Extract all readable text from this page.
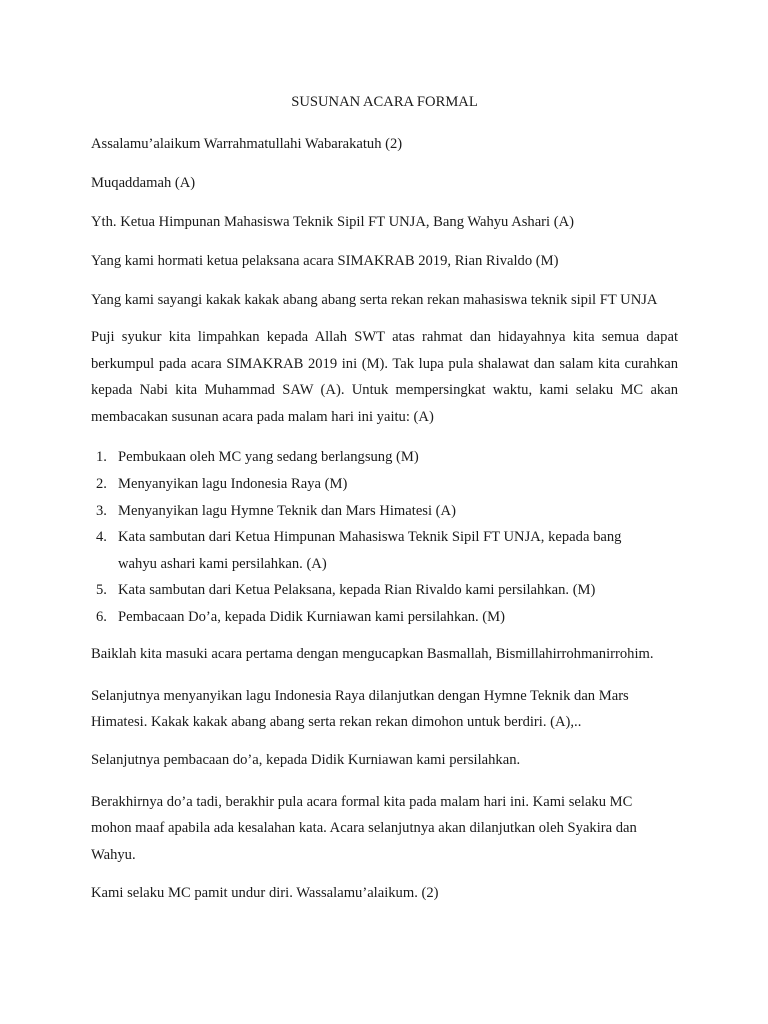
SUSUNAN ACARA FORMAL
Assalamu’alaikum Warrahmatullahi Wabarakatuh (2)
Muqaddamah (A)
Yth. Ketua Himpunan Mahasiswa Teknik Sipil FT UNJA, Bang Wahyu Ashari (A)
Yang kami hormati ketua pelaksana acara SIMAKRAB 2019, Rian Rivaldo (M)
Yang kami sayangi kakak kakak abang abang serta rekan rekan mahasiswa teknik sipil FT UNJA
Puji syukur kita limpahkan kepada Allah SWT atas rahmat dan hidayahnya kita semua dapat berkumpul pada acara SIMAKRAB 2019 ini (M). Tak lupa pula shalawat dan salam kita curahkan kepada Nabi kita Muhammad SAW (A). Untuk mempersingkat waktu, kami selaku MC akan membacakan susunan acara pada malam hari ini yaitu: (A)
1. Pembukaan oleh MC yang sedang berlangsung (M)
2. Menyanyikan lagu Indonesia Raya (M)
3. Menyanyikan lagu Hymne Teknik dan Mars Himatesi (A)
4. Kata sambutan dari Ketua Himpunan Mahasiswa Teknik Sipil FT UNJA, kepada bang wahyu ashari kami persilahkan. (A)
5. Kata sambutan dari Ketua Pelaksana, kepada Rian Rivaldo kami persilahkan. (M)
6. Pembacaan Do’a, kepada Didik Kurniawan kami persilahkan. (M)
Baiklah kita masuki acara pertama dengan mengucapkan Basmallah, Bismillahirrohmanirrohim.
Selanjutnya menyanyikan lagu Indonesia Raya dilanjutkan dengan Hymne Teknik dan Mars
Himatesi. Kakak kakak abang abang serta rekan rekan dimohon untuk berdiri. (A),..
Selanjutnya pembacaan do’a, kepada Didik Kurniawan kami persilahkan.
Berakhirnya do’a tadi, berakhir pula acara formal kita pada malam hari ini. Kami selaku MC
mohon maaf apabila ada kesalahan kata. Acara selanjutnya akan dilanjutkan oleh Syakira dan
Wahyu.
Kami selaku MC pamit undur diri. Wassalamu’alaikum. (2)
